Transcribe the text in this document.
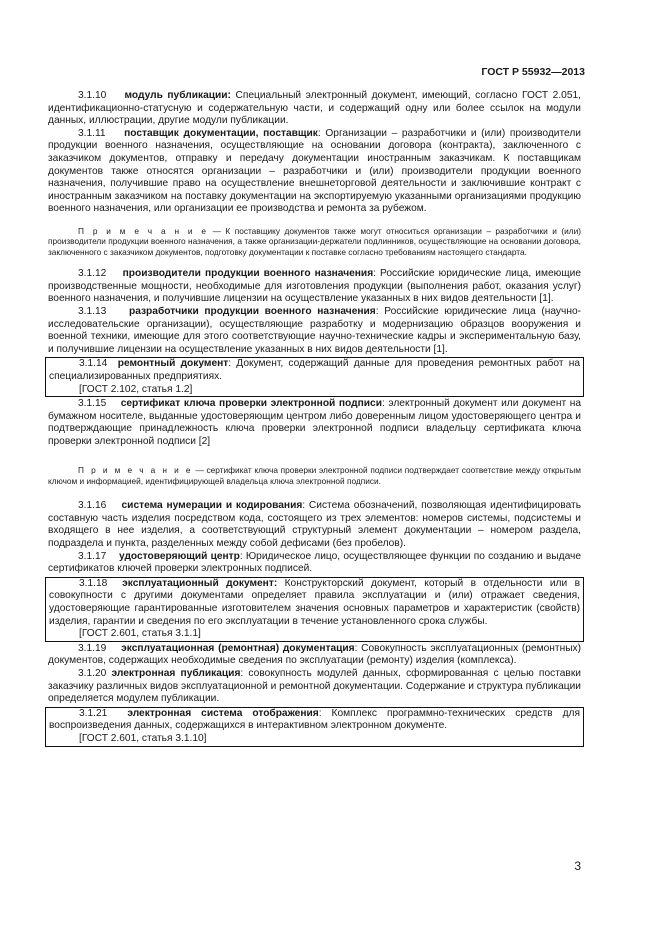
ГОСТ Р 55932—2013

3.1.10 модуль публикации: Специальный электронный документ, имеющий, согласно ГОСТ 2.051, идентификационно-статусную и содержательную части, и содержащий одну или более ссылок на модули данных, иллюстрации, другие модули публикации.

3.1.11 поставщик документации, поставщик: Организации – разработчики и (или) производители продукции военного назначения, осуществляющие на основании договора (контракта), заключенного с заказчиком документов, отправку и передачу документации иностранным заказчикам. К поставщикам документов также относятся организации – разработчики и (или) производители продукции военного назначения, получившие право на осуществление внешнеторговой деятельности и заключившие контракт с иностранным заказчиком на поставку документации на экспортируемую указанными организациями продукцию военного назначения, или организации ее производства и ремонта за рубежом.

П р и м е ч а н и е — К поставщику документов также могут относиться организации – разработчики и (или) производители продукции военного назначения, а также организации-держатели подлинников, осуществляющие на основании договора, заключенного с заказчиком документов, подготовку документации к поставке согласно требованиям настоящего стандарта.

3.1.12 производители продукции военного назначения: Российские юридические лица, имеющие производственные мощности, необходимые для изготовления продукции (выполнения работ, оказания услуг) военного назначения, и получившие лицензии на осуществление указанных в них видов деятельности [1].

3.1.13 разработчики продукции военного назначения: Российские юридические лица (научно-исследовательские организации), осуществляющие разработку и модернизацию образцов вооружения и военной техники, имеющие для этого соответствующие научно-технические кадры и экспериментальную базу, и получившие лицензии на осуществление указанных в них видов деятельности [1].

3.1.14 ремонтный документ: Документ, содержащий данные для проведения ремонтных работ на специализированных предприятиях.

[ГОСТ 2.102, статья 1.2]

3.1.15 сертификат ключа проверки электронной подписи: электронный документ или документ на бумажном носителе, выданные удостоверяющим центром либо доверенным лицом удостоверяющего центра и подтверждающие принадлежность ключа проверки электронной подписи владельцу сертификата ключа проверки электронной подписи [2]

П р и м е ч а н и е — сертификат ключа проверки электронной подписи подтверждает соответствие между открытым ключом и информацией, идентифицирующей владельца ключа электронной подписи.

3.1.16 система нумерации и кодирования: Система обозначений, позволяющая идентифицировать составную часть изделия посредством кода, состоящего из трех элементов: номеров системы, подсистемы и входящего в нее изделия, а соответствующий структурный элемент документации – номером раздела, подраздела и пункта, разделенных между собой дефисами (без пробелов).

3.1.17 удостоверяющий центр: Юридическое лицо, осуществляющее функции по созданию и выдаче сертификатов ключей проверки электронных подписей.

3.1.18 эксплуатационный документ: Конструкторский документ, который в отдельности или в совокупности с другими документами определяет правила эксплуатации и (или) отражает сведения, удостоверяющие гарантированные изготовителем значения основных параметров и характеристик (свойств) изделия, гарантии и сведения по его эксплуатации в течение установленного срока службы.

[ГОСТ 2.601, статья 3.1.1]

3.1.19 эксплуатационная (ремонтная) документация: Совокупность эксплуатационных (ремонтных) документов, содержащих необходимые сведения по эксплуатации (ремонту) изделия (комплекса).

3.1.20 электронная публикация: совокупность модулей данных, сформированная с целью поставки заказчику различных видов эксплуатационной и ремонтной документации. Содержание и структура публикации определяется модулем публикации.

3.1.21 электронная система отображения: Комплекс программно-технических средств для воспроизведения данных, содержащихся в интерактивном электронном документе.

[ГОСТ 2.601, статья 3.1.10]

3
